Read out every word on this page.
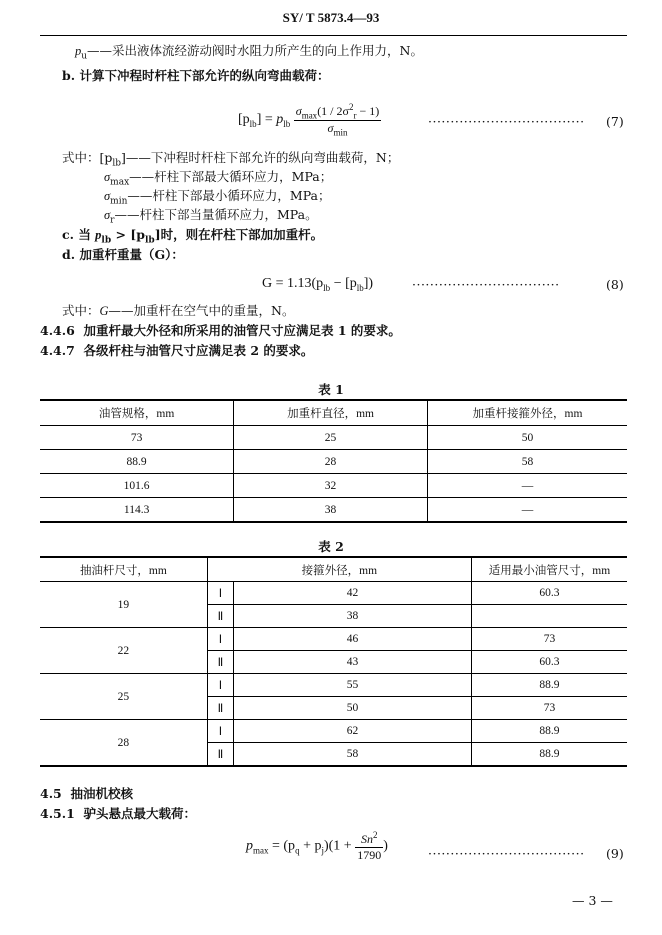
SY/ T 5873.4—93
$p_u——$采出液体流经游动阀时水阻力所产生的向上作用力，N。
b. 计算下冲程时杆柱下部允许的纵向弯曲载荷：
$[p_{lb}] = p_{lb} \frac{\sigma_{max}(1 / 2\sigma^2_r - 1)}{\sigma_{min}}$	··································· (7)
式中：$[p_{lb}]——$下冲程时杆柱下部允许的纵向弯曲载荷，N；
$\sigma_{max}——$杆柱下部最大循环应力，MPa；
$\sigma_{min}——$杆柱下部最小循环应力，MPa；
$\sigma_r——$杆柱下部当量循环应力，MPa。
c. 当 $p_{lb} > [p_{lb}]$时，则在杆柱下部加加重杆。
d. 加重杆重量（G）：
$G = 1.13(p_{lb} - [p_{lb}])$	·································	(8)
式中：G——加重杆在空气中的重量，N。
4.4.6 加重杆最大外径和所采用的油管尺寸应满足表 1 的要求。
4.4.7 各级杆柱与油管尺寸应满足表 2 的要求。
表 1
油管规格，mm	加重杆直径，mm	加重杆接箍外径，mm
73	25	50
88.9	28	58
101.6	32	—
114.3	38	—
表 2
抽油杆尺寸，mm	接箍外径，mm		适用最小油管尺寸，mm
19	Ⅰ	42	60.3
	Ⅱ	38	
22	Ⅰ	46	73
	Ⅱ	43	60.3
25	Ⅰ	55	88.9
	Ⅱ	50	73
28	Ⅰ	62	88.9
	Ⅱ	58	88.9
4.5 抽油机校核
4.5.1 驴头悬点最大载荷：
$p_{max} = (p_q + p_j)(1 + \frac{Sn^2}{1790}$ )	··································· (9)
— 3 —
